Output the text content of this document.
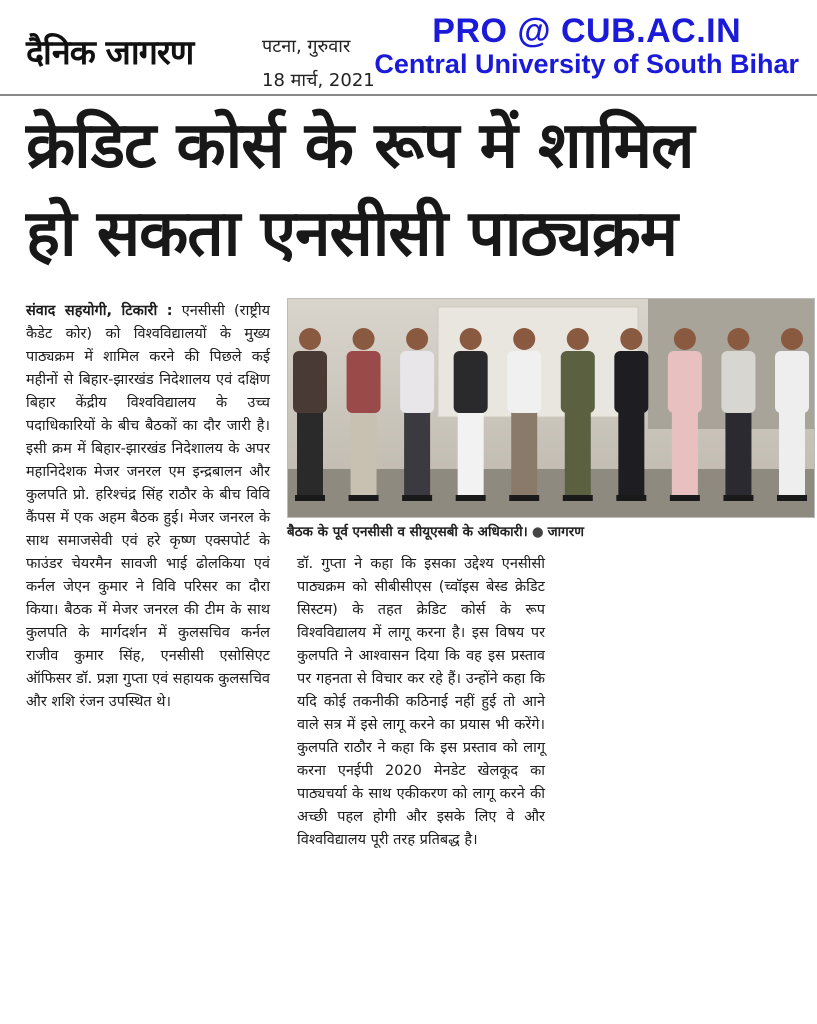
दैनिक जागरण	पटना, गुरुवार
18 मार्च, 2021
PRO @ CUB.AC.IN
Central University of South Bihar
क्रेडिट कोर्स के रूप में शामिल
हो सकता एनसीसी पाठ्यक्रम
संवाद सहयोगी, टिकारी : एनसीसी (राष्ट्रीय कैडेट कोर) को विश्वविद्यालयों के मुख्य पाठ्यक्रम में शामिल करने की पिछले कई महीनों से बिहार-झारखंड निदेशालय एवं दक्षिण बिहार केंद्रीय विश्वविद्यालय के उच्च पदाधिकारियों के बीच बैठकों का दौर जारी है। इसी क्रम में बिहार-झारखंड निदेशालय के अपर महानिदेशक मेजर जनरल एम इन्द्रबालन और कुलपति प्रो. हरिश्चंद्र सिंह राठौर के बीच विवि कैंपस में एक अहम बैठक हुई। मेजर जनरल के साथ समाजसेवी एवं हरे कृष्ण एक्सपोर्ट के फाउंडर चेयरमैन सावजी भाई ढोलकिया एवं कर्नल जेएन कुमार ने विवि परिसर का दौरा किया। बैठक में मेजर जनरल की टीम के साथ कुलपति के मार्गदर्शन में कुलसचिव कर्नल राजीव कुमार सिंह, एनसीसी एसोसिएट ऑफिसर डॉ. प्रज्ञा गुप्ता एवं सहायक कुलसचिव और शशि रंजन उपस्थित थे।
बैठक के पूर्व एनसीसी व सीयूएसबी के अधिकारी। ● जागरण
डॉ. गुप्ता ने कहा कि इसका उद्देश्य एनसीसी पाठ्यक्रम को सीबीसीएस (च्वॉइस बेस्ड क्रेडिट सिस्टम) के तहत क्रेडिट कोर्स के रूप विश्वविद्यालय में लागू करना है। इस विषय पर कुलपति ने आश्वासन दिया कि वह इस प्रस्ताव पर गहनता से विचार कर रहे हैं। उन्होंने कहा कि यदि कोई तकनीकी कठिनाई नहीं हुई तो आने वाले सत्र में इसे लागू करने का प्रयास भी करेंगे। कुलपति राठौर ने कहा कि इस प्रस्ताव को लागू करना एनईपी 2020 मेनडेट खेलकूद का पाठ्यचर्या के साथ एकीकरण को लागू करने की अच्छी पहल होगी और इसके लिए वे और विश्वविद्यालय पूरी तरह प्रतिबद्ध है।
